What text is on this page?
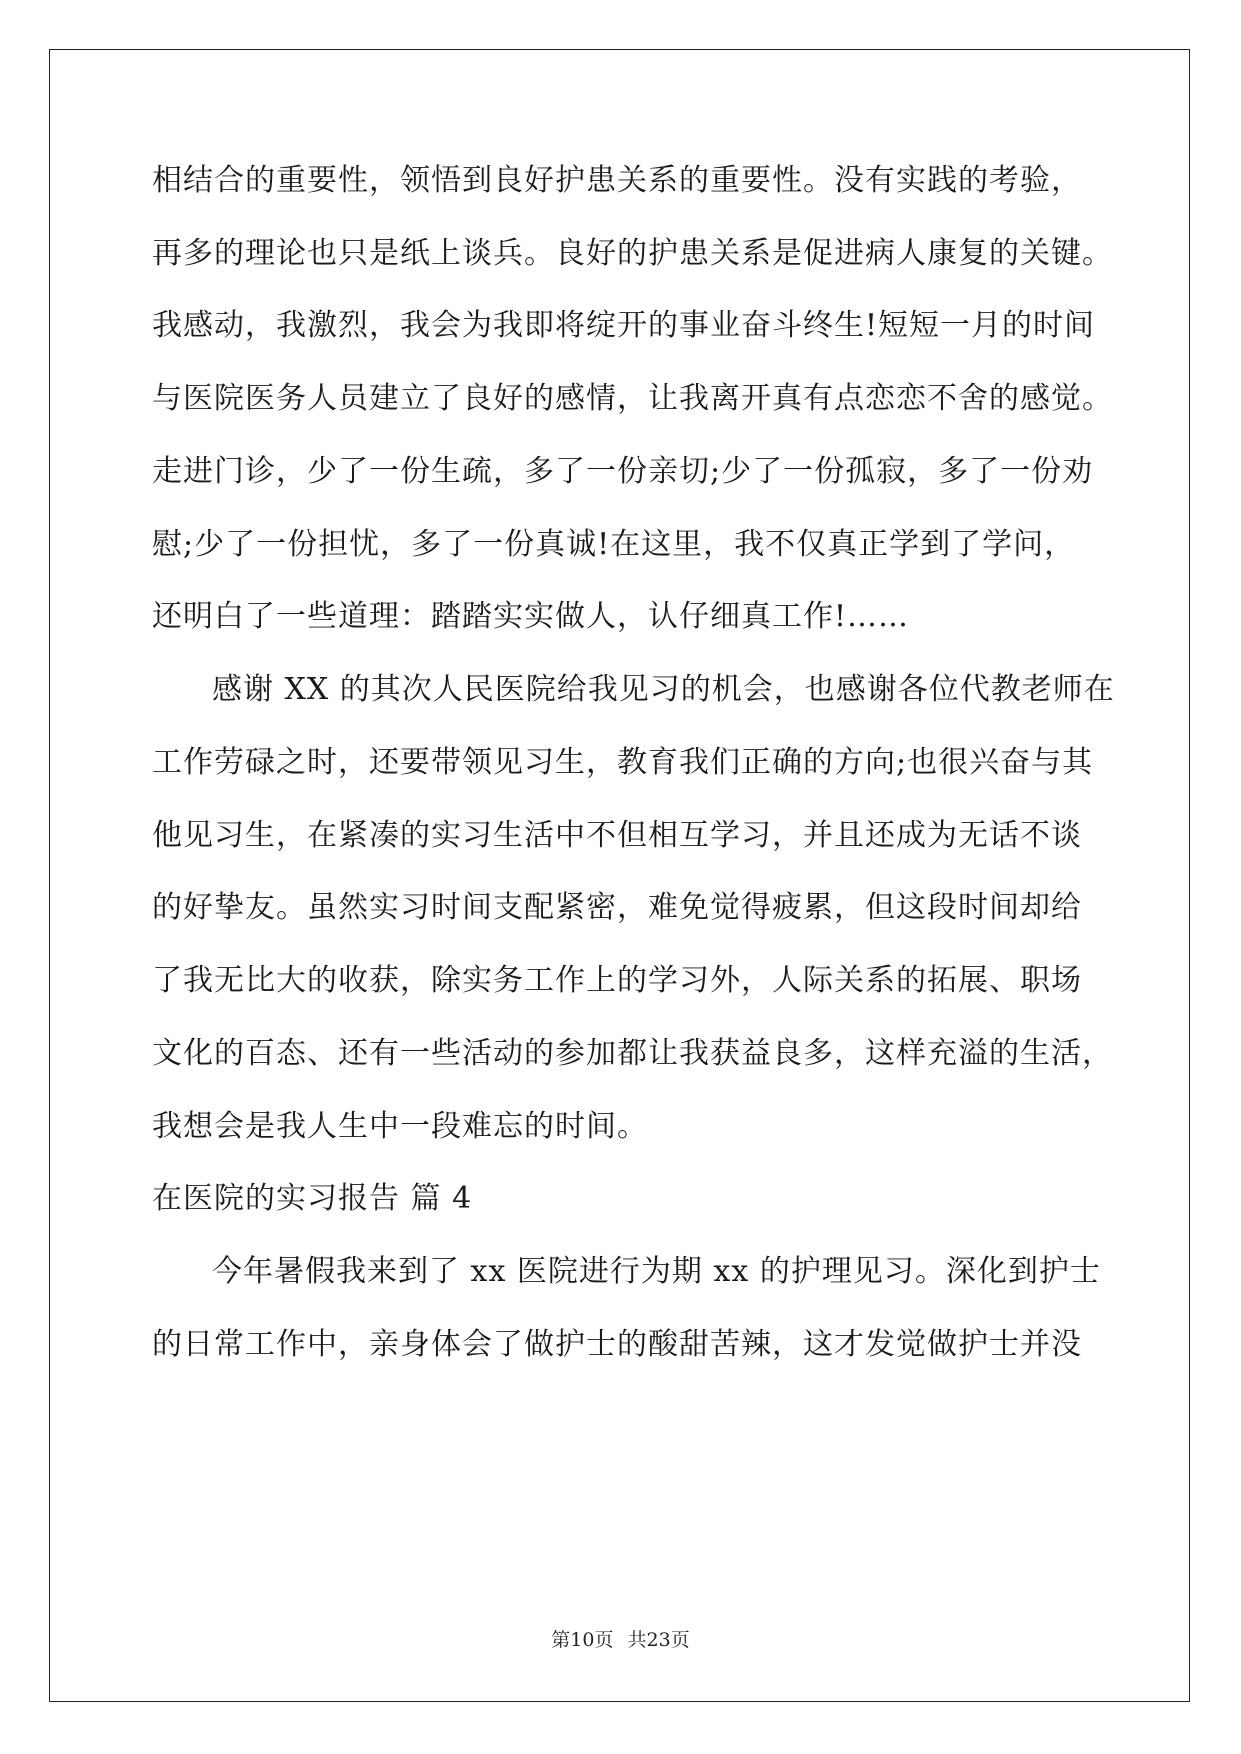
相结合的重要性，领悟到良好护患关系的重要性。没有实践的考验，
再多的理论也只是纸上谈兵。良好的护患关系是促进病人康复的关键。
我感动，我激烈，我会为我即将绽开的事业奋斗终生!短短一月的时间
与医院医务人员建立了良好的感情，让我离开真有点恋恋不舍的感觉。
走进门诊，少了一份生疏，多了一份亲切;少了一份孤寂，多了一份劝
慰;少了一份担忧，多了一份真诚!在这里，我不仅真正学到了学问，
还明白了一些道理：踏踏实实做人，认仔细真工作!……
感谢 XX 的其次人民医院给我见习的机会，也感谢各位代教老师在
工作劳碌之时，还要带领见习生，教育我们正确的方向;也很兴奋与其
他见习生，在紧凑的实习生活中不但相互学习，并且还成为无话不谈
的好挚友。虽然实习时间支配紧密，难免觉得疲累，但这段时间却给
了我无比大的收获，除实务工作上的学习外，人际关系的拓展、职场
文化的百态、还有一些活动的参加都让我获益良多，这样充溢的生活，
我想会是我人生中一段难忘的时间。
在医院的实习报告 篇 4
今年暑假我来到了 xx 医院进行为期 xx 的护理见习。深化到护士
的日常工作中，亲身体会了做护士的酸甜苦辣，这才发觉做护士并没
第10页 共23页
